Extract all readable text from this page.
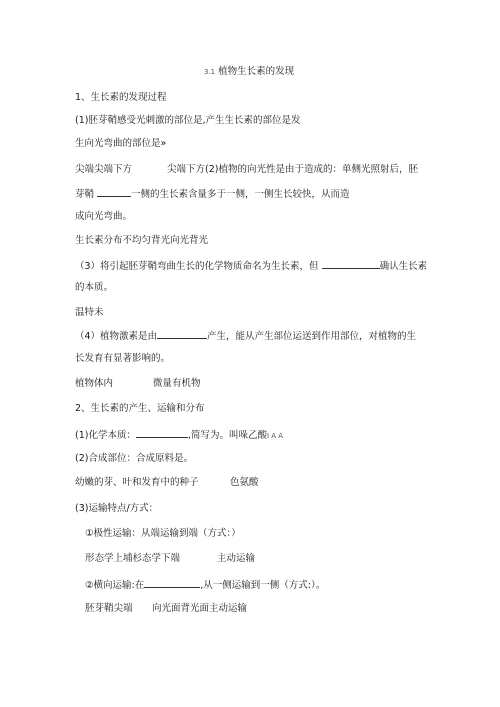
3.1 植物生长素的发现
1、生长素的发现过程
(1)胚芽鞘感受光刺激的部位是,产生生长素的部位是发
生向光弯曲的部位是»
尖端尖端下方	尖端下方(2)植物的向光性是由于造成的：单侧光照射后，胚
芽鞘	一侧的生长素含量多于一侧，一侧生长较快，从而造
成向光弯曲。
生长素分布不均匀背光向光背光
（3）将引起胚芽鞘弯曲生长的化学物质命名为生长素，但	确认生长素
的本质。
温特未
（4）植物激素是由	产生，能从产生部位运送到作用部位，对植物的生
长发育有显著影响的。
植物体内	微量有机物
2、生长素的产生、运输和分布
(1)化学本质：	,简写为。叫哚乙酸I A A
(2)合成部位：合成原料是。
幼嫩的芽、叶和发育中的种子	色氨酸
(3)运输特点/方式：
①极性运输：从端运输到端（方式：）
形态学上埔杉态学下端	主动运输
②横向运输:在	,从一侧运输到一侧（方式:）。
胚芽鞘尖端 向光面背光面主动运输
